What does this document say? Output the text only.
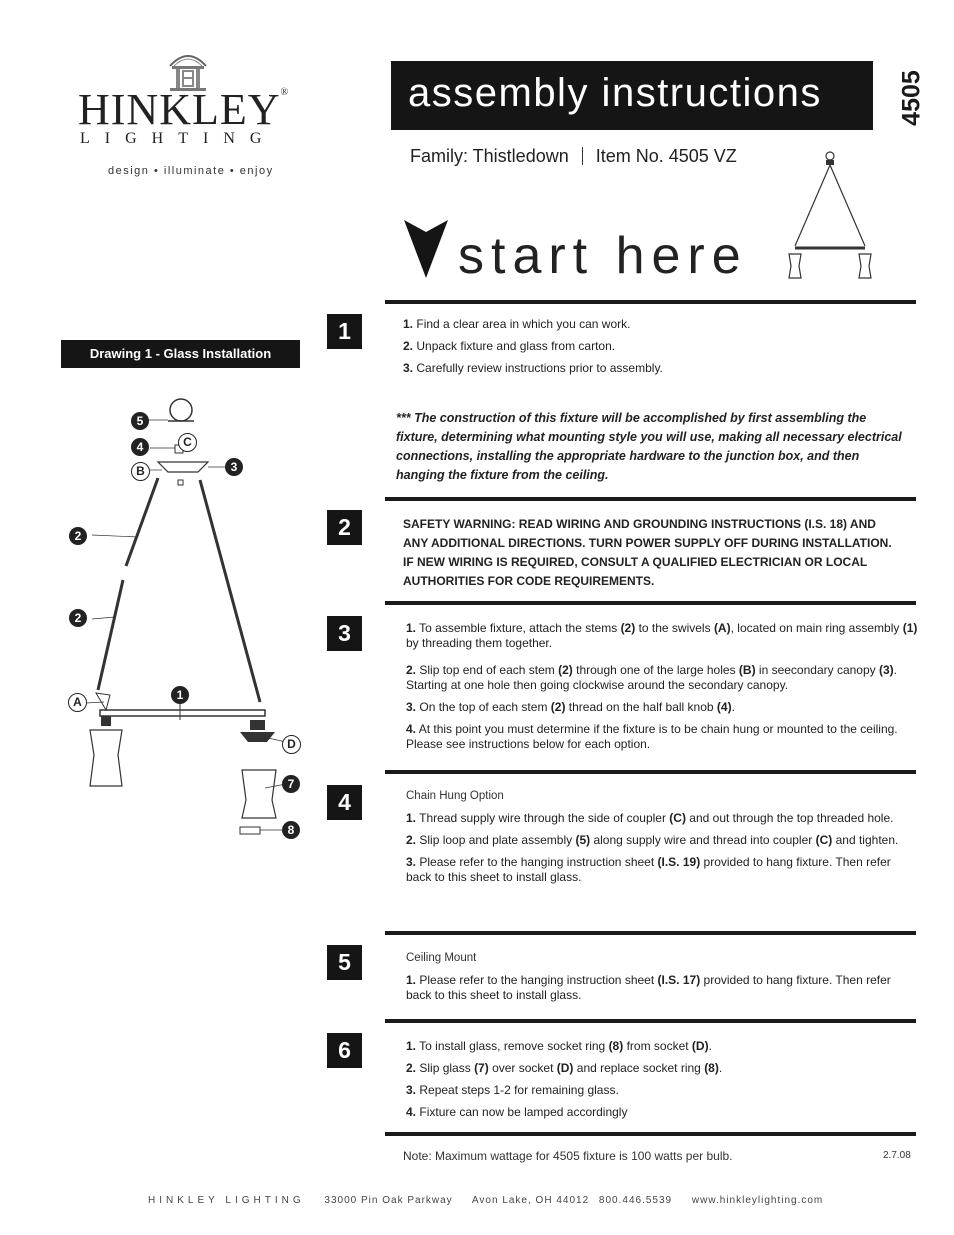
HINKLEY®
LIGHTING
design • illuminate • enjoy
assembly instructions	4505
Family: Thistledown Item No. 4505 VZ
start here
1
2
3
4
5
6
Drawing 1 - Glass Installation

1. Find a clear area in which you can work.

2. Unpack fixture and glass from carton.

3. Carefully review instructions prior to assembly.

*** The construction of this fixture will be accomplished by first assembling the fixture, determining what mounting style you will use, making all necessary electrical connections, installing the appropriate hardware to the junction box, and then hanging the fixture from the ceiling.
SAFETY WARNING: READ WIRING AND GROUNDING INSTRUCTIONS (I.S. 18) AND ANY ADDITIONAL DIRECTIONS. TURN POWER SUPPLY OFF DURING INSTALLATION. IF NEW WIRING IS REQUIRED, CONSULT A QUALIFIED ELECTRICIAN OR LOCAL AUTHORITIES FOR CODE REQUIREMENTS.

1. To assemble fixture, attach the stems (2) to the swivels (A), located on main ring assembly (1) by threading them together.

2. Slip top end of each stem (2) through one of the large holes (B) in seecondary canopy (3). Starting at one hole then going clockwise around the secondary canopy.

3. On the top of each stem (2) thread on the half ball knob (4).

4. At this point you must determine if the fixture is to be chain hung or mounted to the ceiling. Please see instructions below for each option.

Chain Hung Option

1. Thread supply wire through the side of coupler (C) and out through the top threaded hole.

2. Slip loop and plate assembly (5) along supply wire and thread into coupler (C) and tighten.

3. Please refer to the hanging instruction sheet (I.S. 19) provided to hang fixture. Then refer back to this sheet to install glass.

Ceiling Mount

1. Please refer to the hanging instruction sheet (I.S. 17) provided to hang fixture. Then refer back to this sheet to install glass.

1. To install glass, remove socket ring (8) from socket (D).

2. Slip glass (7) over socket (D) and replace socket ring (8).

3. Repeat steps 1-2 for remaining glass.

4. Fixture can now be lamped accordingly

Note: Maximum wattage for 4505 fixture is 100 watts per bulb.	2.7.08
HINKLEY LIGHTING 33000 Pin Oak Parkway Avon Lake, OH 44012 800.446.5539 www.hinkleylighting.com
5
4	C
B	3
2
2
A	1
D
7
8
